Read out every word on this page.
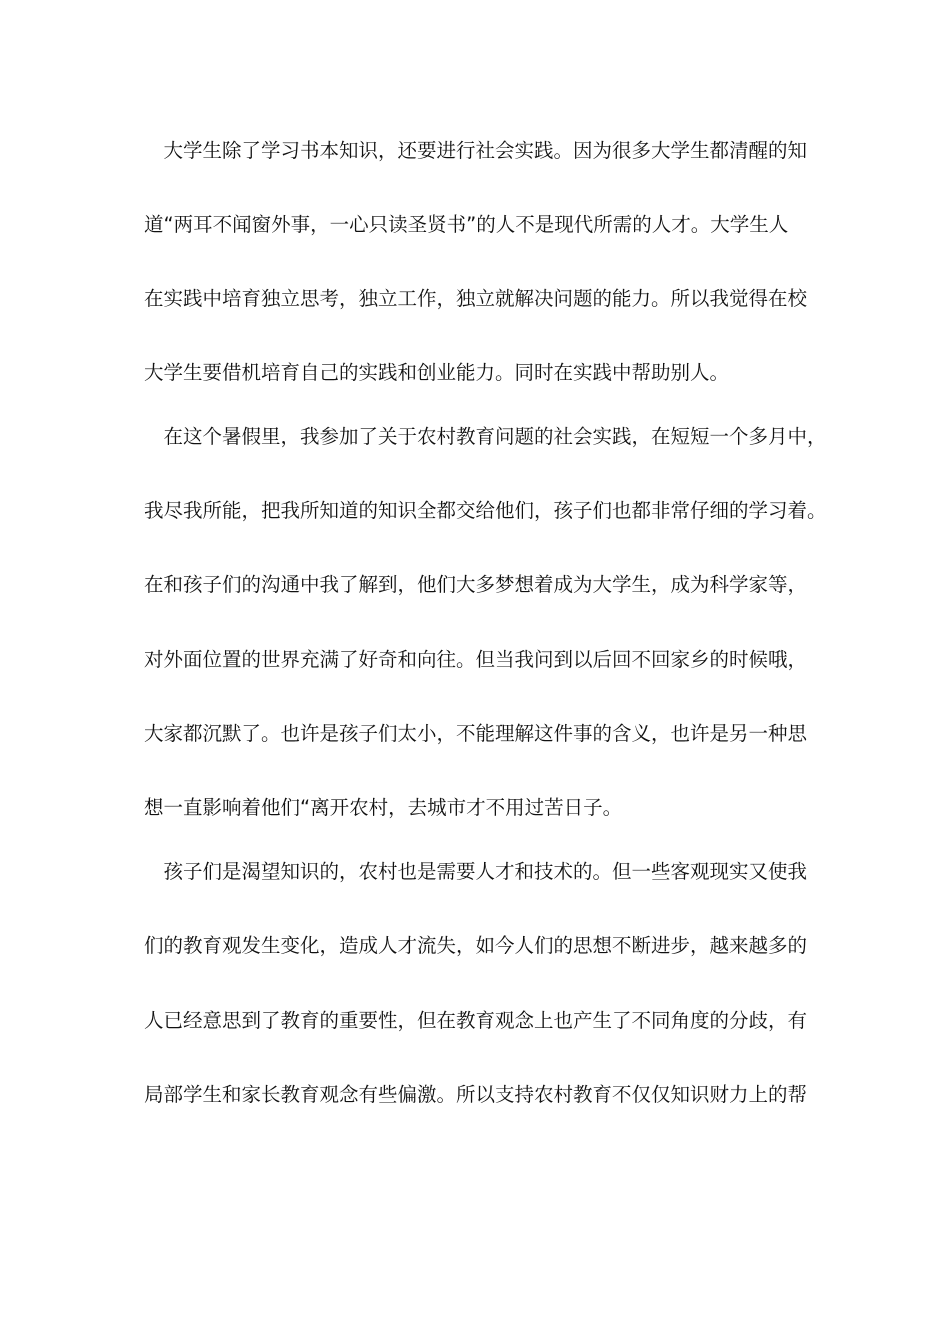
　大学生除了学习书本知识，还要进行社会实践。因为很多大学生都清醒的知
道“两耳不闻窗外事，一心只读圣贤书”的人不是现代所需的人才。大学生人
在实践中培育独立思考，独立工作，独立就解决问题的能力。所以我觉得在校
大学生要借机培育自己的实践和创业能力。同时在实践中帮助别人。
　在这个暑假里，我参加了关于农村教育问题的社会实践，在短短一个多月中，
我尽我所能，把我所知道的知识全都交给他们，孩子们也都非常仔细的学习着。
在和孩子们的沟通中我了解到，他们大多梦想着成为大学生，成为科学家等，
对外面位置的世界充满了好奇和向往。但当我问到以后回不回家乡的时候哦，
大家都沉默了。也许是孩子们太小，不能理解这件事的含义，也许是另一种思
想一直影响着他们“离开农村，去城市才不用过苦日子。
　孩子们是渴望知识的，农村也是需要人才和技术的。但一些客观现实又使我
们的教育观发生变化，造成人才流失，如今人们的思想不断进步，越来越多的
人已经意思到了教育的重要性，但在教育观念上也产生了不同角度的分歧，有
局部学生和家长教育观念有些偏激。所以支持农村教育不仅仅知识财力上的帮
